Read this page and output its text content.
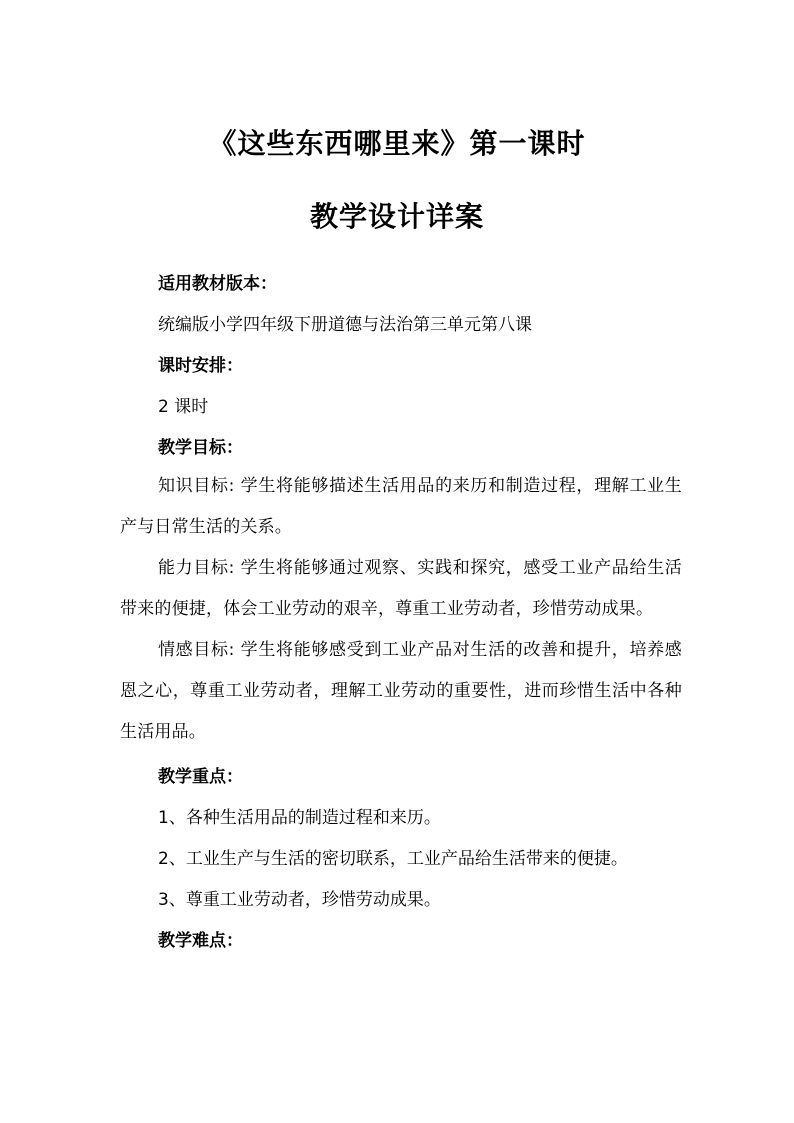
《这些东西哪里来》第一课时
教学设计详案
适用教材版本：
统编版小学四年级下册道德与法治第三单元第八课
课时安排：
2 课时
教学目标：
知识目标: 学生将能够描述生活用品的来历和制造过程，理解工业生产与日常生活的关系。
能力目标: 学生将能够通过观察、实践和探究，感受工业产品给生活带来的便捷，体会工业劳动的艰辛，尊重工业劳动者，珍惜劳动成果。
情感目标: 学生将能够感受到工业产品对生活的改善和提升，培养感恩之心，尊重工业劳动者，理解工业劳动的重要性，进而珍惜生活中各种生活用品。
教学重点：
1、各种生活用品的制造过程和来历。
2、工业生产与生活的密切联系，工业产品给生活带来的便捷。
3、尊重工业劳动者，珍惜劳动成果。
教学难点：
